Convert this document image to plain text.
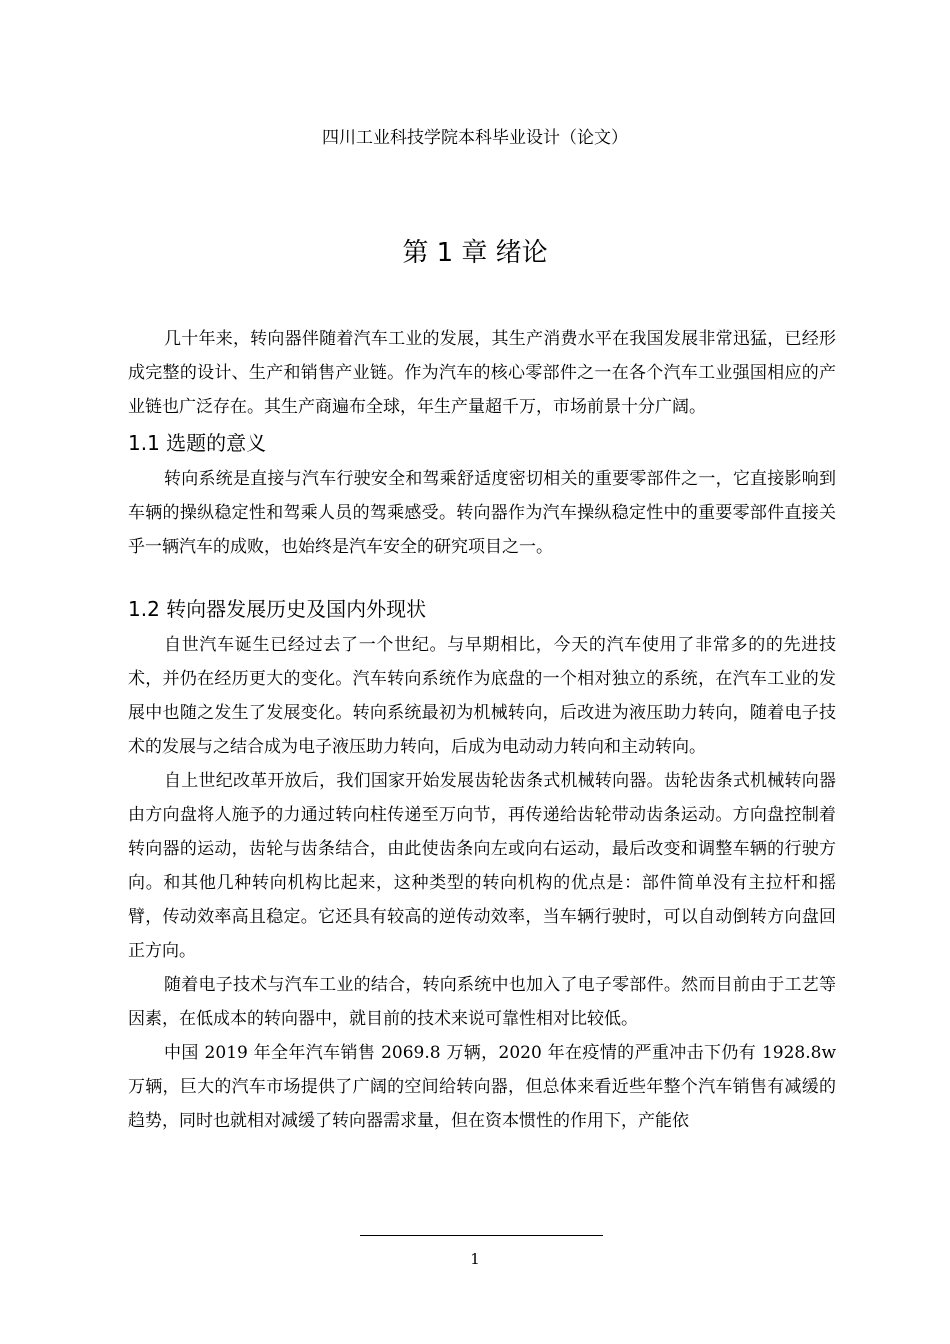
四川工业科技学院本科毕业设计（论文）
第 1 章 绪论

几十年来，转向器伴随着汽车工业的发展，其生产消费水平在我国发展非常迅猛，已经形成完整的设计、生产和销售产业链。作为汽车的核心零部件之一在各个汽车工业强国相应的产业链也广泛存在。其生产商遍布全球，年生产量超千万，市场前景十分广阔。

1.1 选题的意义

转向系统是直接与汽车行驶安全和驾乘舒适度密切相关的重要零部件之一，它直接影响到车辆的操纵稳定性和驾乘人员的驾乘感受。转向器作为汽车操纵稳定性中的重要零部件直接关乎一辆汽车的成败，也始终是汽车安全的研究项目之一。

1.2 转向器发展历史及国内外现状

自世汽车诞生已经过去了一个世纪。与早期相比，今天的汽车使用了非常多的的先进技术，并仍在经历更大的变化。汽车转向系统作为底盘的一个相对独立的系统，在汽车工业的发展中也随之发生了发展变化。转向系统最初为机械转向，后改进为液压助力转向，随着电子技术的发展与之结合成为电子液压助力转向，后成为电动动力转向和主动转向。

自上世纪改革开放后，我们国家开始发展齿轮齿条式机械转向器。齿轮齿条式机械转向器由方向盘将人施予的力通过转向柱传递至万向节，再传递给齿轮带动齿条运动。方向盘控制着转向器的运动，齿轮与齿条结合，由此使齿条向左或向右运动，最后改变和调整车辆的行驶方向。和其他几种转向机构比起来，这种类型的转向机构的优点是：部件简单没有主拉杆和摇臂，传动效率高且稳定。它还具有较高的逆传动效率，当车辆行驶时，可以自动倒转方向盘回正方向。

随着电子技术与汽车工业的结合，转向系统中也加入了电子零部件。然而目前由于工艺等因素，在低成本的转向器中，就目前的技术来说可靠性相对比较低。

中国 2019 年全年汽车销售 2069.8 万辆，2020 年在疫情的严重冲击下仍有 1928.8w 万辆，巨大的汽车市场提供了广阔的空间给转向器，但总体来看近些年整个汽车销售有减缓的趋势，同时也就相对减缓了转向器需求量，但在资本惯性的作用下，产能依

1
